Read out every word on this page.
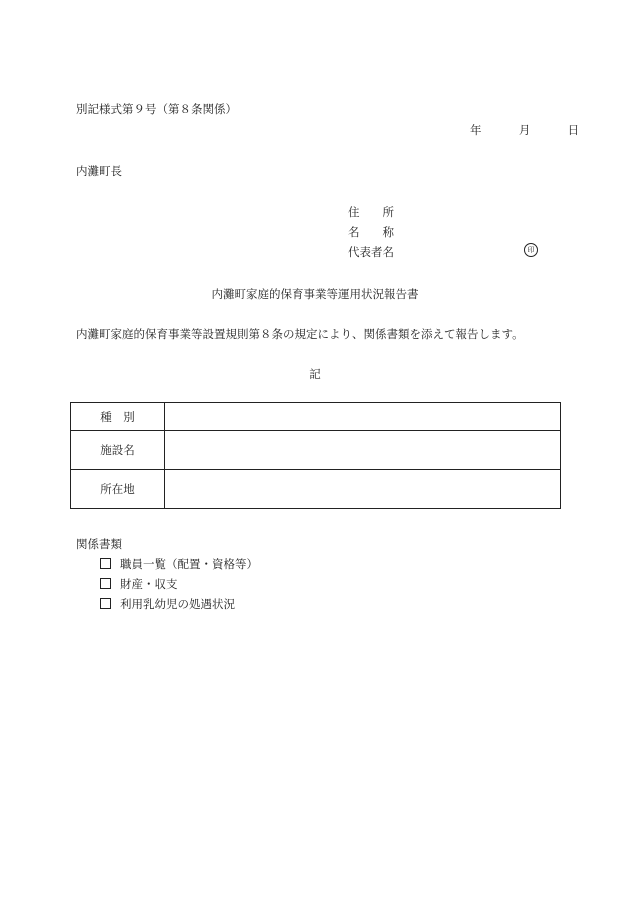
別記様式第９号（第８条関係）
年	月	日
内灘町長
住　　所
名　　称
代表者名	印
内灘町家庭的保育事業等運用状況報告書
内灘町家庭的保育事業等設置規則第８条の規定により、関係書類を添えて報告します。
記
種　別	
施設名	
所在地	
関係書類
職員一覧（配置・資格等）
財産・収支
利用乳幼児の処遇状況
